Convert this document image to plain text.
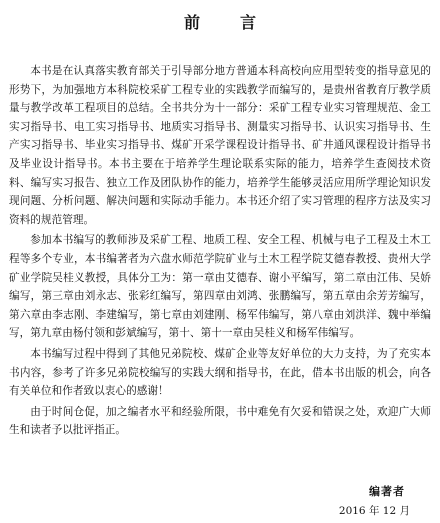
前　言

本书是在认真落实教育部关于引导部分地方普通本科高校向应用型转变的指导意见的形势下，为加强地方本科院校采矿工程专业的实践教学而编写的，是贵州省教育厅教学质量与教学改革工程项目的总结。全书共分为十一部分：采矿工程专业实习管理规范、金工实习指导书、电工实习指导书、地质实习指导书、测量实习指导书、认识实习指导书、生产实习指导书、毕业实习指导书、煤矿开采学课程设计指导书、矿井通风课程设计指导书及毕业设计指导书。本书主要在于培养学生理论联系实际的能力，培养学生查阅技术资料、编写实习报告、独立工作及团队协作的能力，培养学生能够灵活应用所学理论知识发现问题、分析问题、解决问题和实际动手能力。本书还介绍了实习管理的程序方法及实习资料的规范管理。

参加本书编写的教师涉及采矿工程、地质工程、安全工程、机械与电子工程及土木工程等多个专业，本书编著者为六盘水师范学院矿业与土木工程学院艾德春教授、贵州大学矿业学院吴桂义教授，具体分工为：第一章由艾德春、谢小平编写，第二章由江伟、吴娇编写，第三章由刘永志、张彩红编写，第四章由刘鸿、张鹏编写，第五章由余芳芳编写，第六章由李志刚、李建编写，第七章由刘建刚、杨军伟编写，第八章由刘洪洋、魏中举编写，第九章由杨付领和彭斌编写，第十、第十一章由吴桂义和杨军伟编写。

本书编写过程中得到了其他兄弟院校、煤矿企业等友好单位的大力支持，为了充实本书内容，参考了许多兄弟院校编写的实践大纲和指导书，在此，借本书出版的机会，向各有关单位和作者致以衷心的感谢！

由于时间仓促，加之编者水平和经验所限，书中难免有欠妥和错误之处，欢迎广大师生和读者予以批评指正。

编著者
2016 年 12 月
